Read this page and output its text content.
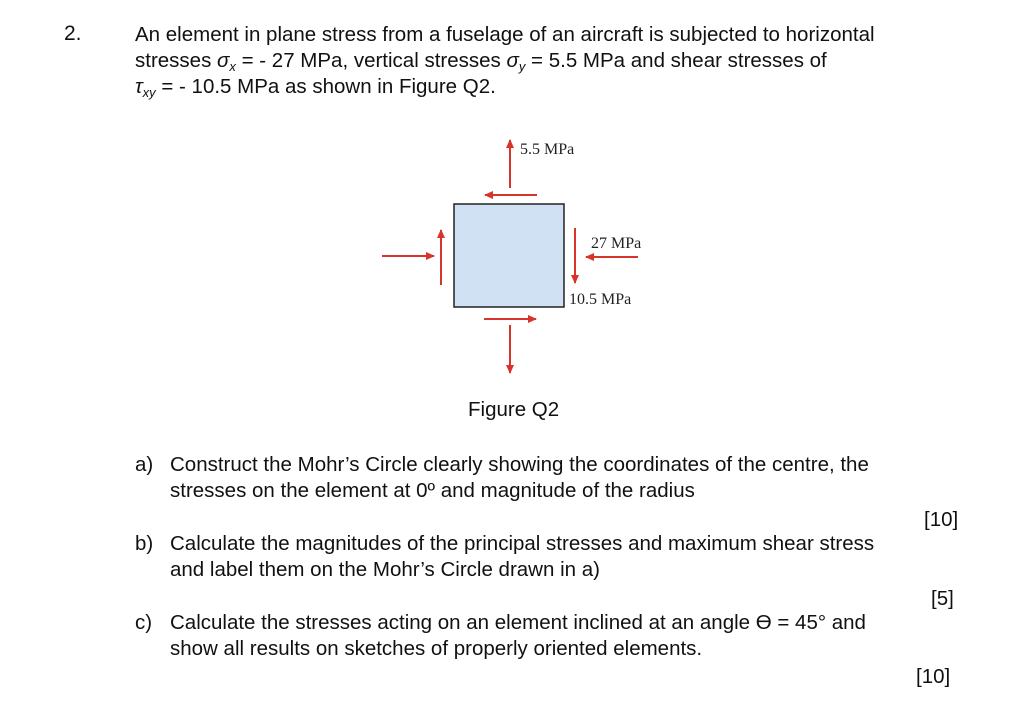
2.	An element in plane stress from a fuselage of an aircraft is subjected to horizontal
stresses $\sigma_x$ = - 27 MPa, vertical stresses $\sigma_y = 5.5$ MPa and shear stresses of
$\tau_{xy}$ = - 10.5 MPa as shown in Figure Q2.
5.5 MPa
27 MPa
10.5 MPa
Figure Q2
a) Construct the Mohr’s Circle clearly showing the coordinates of the centre, the
stresses on the element at 0º and magnitude of the radius
[10]
b) Calculate the magnitudes of the principal stresses and maximum shear stress
and label them on the Mohr’s Circle drawn in a)
[5]
c) Calculate the stresses acting on an element inclined at an angle ϴ = 45° and
show all results on sketches of properly oriented elements.
[10]
